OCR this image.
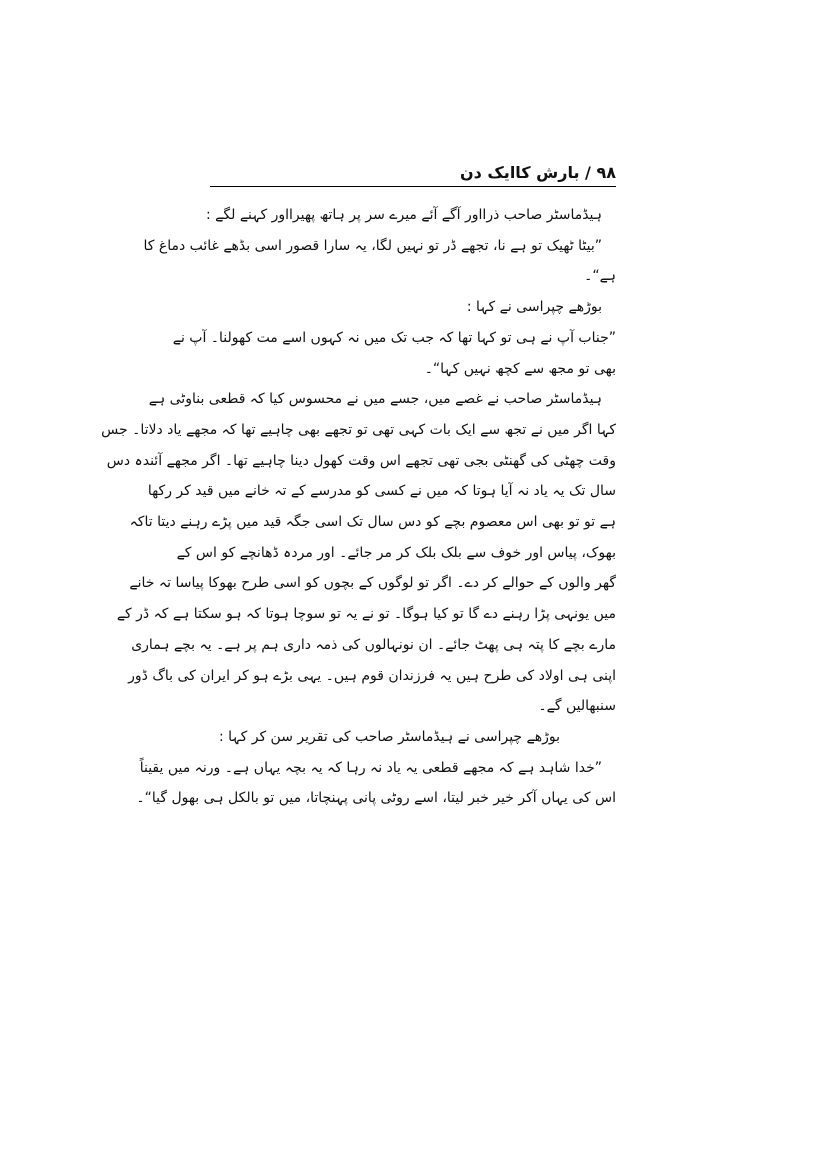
۹۸ / بارش کاایک دن
ہیڈماسٹر صاحب ذرااور آگے آئے میرے سر پر ہاتھ پھیرااور کہنے لگے :
”بیٹا ٹھیک تو ہے نا، تجھے ڈر تو نہیں لگا، یہ سارا قصور اسی بڈھے غائب دماغ کا
ہے“۔
بوڑھے چپراسی نے کہا :
”جناب آپ نے ہی تو کہا تھا کہ جب تک میں نہ کہوں اسے مت کھولنا۔ آپ نے
بھی تو مجھ سے کچھ نہیں کہا“۔
ہیڈماسٹر صاحب نے غصے میں، جسے میں نے محسوس کیا کہ قطعی بناوٹی ہے
کہا اگر میں نے تجھ سے ایک بات کہی تھی تو تجھے بھی چاہیے تھا کہ مجھے یاد دلاتا۔ جس
وقت چھٹی کی گھنٹی بجی تھی تجھے اس وقت کھول دینا چاہیے تھا۔ اگر مجھے آئندہ دس
سال تک یہ یاد نہ آیا ہوتا کہ میں نے کسی کو مدرسے کے تہ خانے میں قید کر رکھا
ہے تو تو بھی اس معصوم بچے کو دس سال تک اسی جگہ قید میں پڑے رہنے دیتا تاکہ
بھوک، پیاس اور خوف سے بلک بلک کر مر جائے۔ اور مردہ ڈھانچے کو اس کے
گھر والوں کے حوالے کر دے۔ اگر تو لوگوں کے بچوں کو اسی طرح بھوکا پیاسا تہ خانے
میں یونہی پڑا رہنے دے گا تو کیا ہوگا۔ تو نے یہ تو سوچا ہوتا کہ ہو سکتا ہے کہ ڈر کے
مارے بچے کا پتہ ہی پھٹ جائے۔ ان نونہالوں کی ذمہ داری ہم پر ہے۔ یہ بچے ہماری
اپنی ہی اولاد کی طرح ہیں یہ فرزندان قوم ہیں۔ یہی بڑے ہو کر ایران کی باگ ڈور
سنبھالیں گے۔
بوڑھے چپراسی نے ہیڈماسٹر صاحب کی تقریر سن کر کہا :
”خدا شاہد ہے کہ مجھے قطعی یہ یاد نہ رہا کہ یہ بچہ یہاں ہے۔ ورنہ میں یقیناً
اس کی یہاں آکر خیر خبر لیتا، اسے روٹی پانی پہنچاتا، میں تو بالکل ہی بھول گیا“۔
